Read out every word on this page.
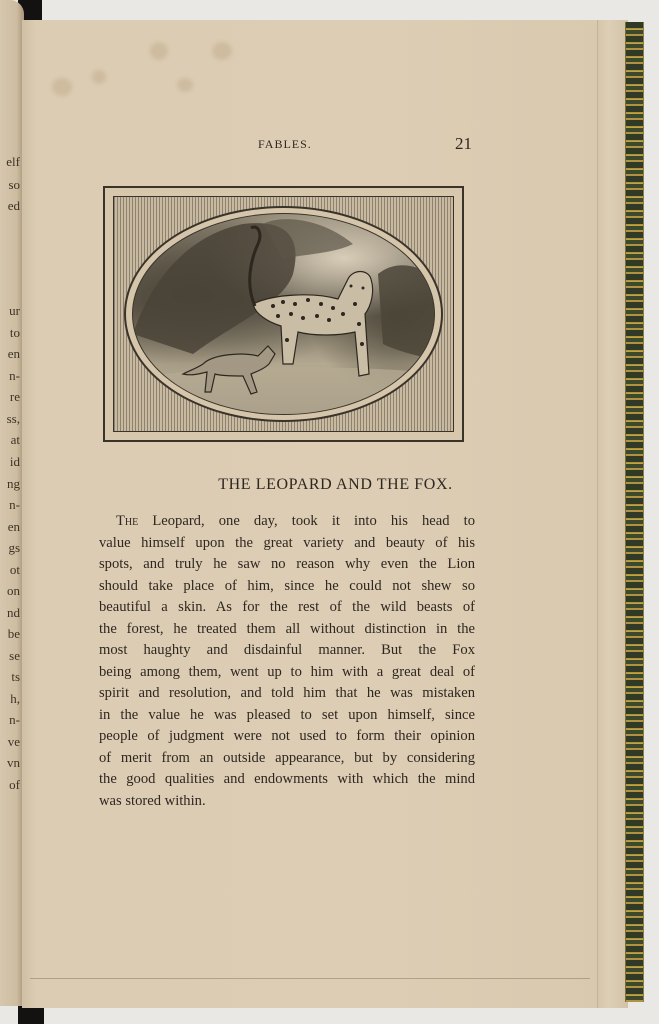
elf
so
ed
ur
to
en
n-
re
ss,
at
id
ng
n-
en
gs
ot
on
nd
be
se
ts
h,
n-
ve
vn
of
FABLES.	21
THE LEOPARD AND THE FOX.
The Leopard, one day, took it into his head to
value himself upon the great variety and beauty of his
spots, and truly he saw no reason why even the Lion
should take place of him, since he could not shew so
beautiful a skin. As for the rest of the wild beasts of
the forest, he treated them all without distinction in the
most haughty and disdainful manner. But the Fox
being among them, went up to him with a great deal of
spirit and resolution, and told him that he was mistaken
in the value he was pleased to set upon himself, since
people of judgment were not used to form their opinion
of merit from an outside appearance, but by considering
the good qualities and endowments with which the mind
was stored within.
